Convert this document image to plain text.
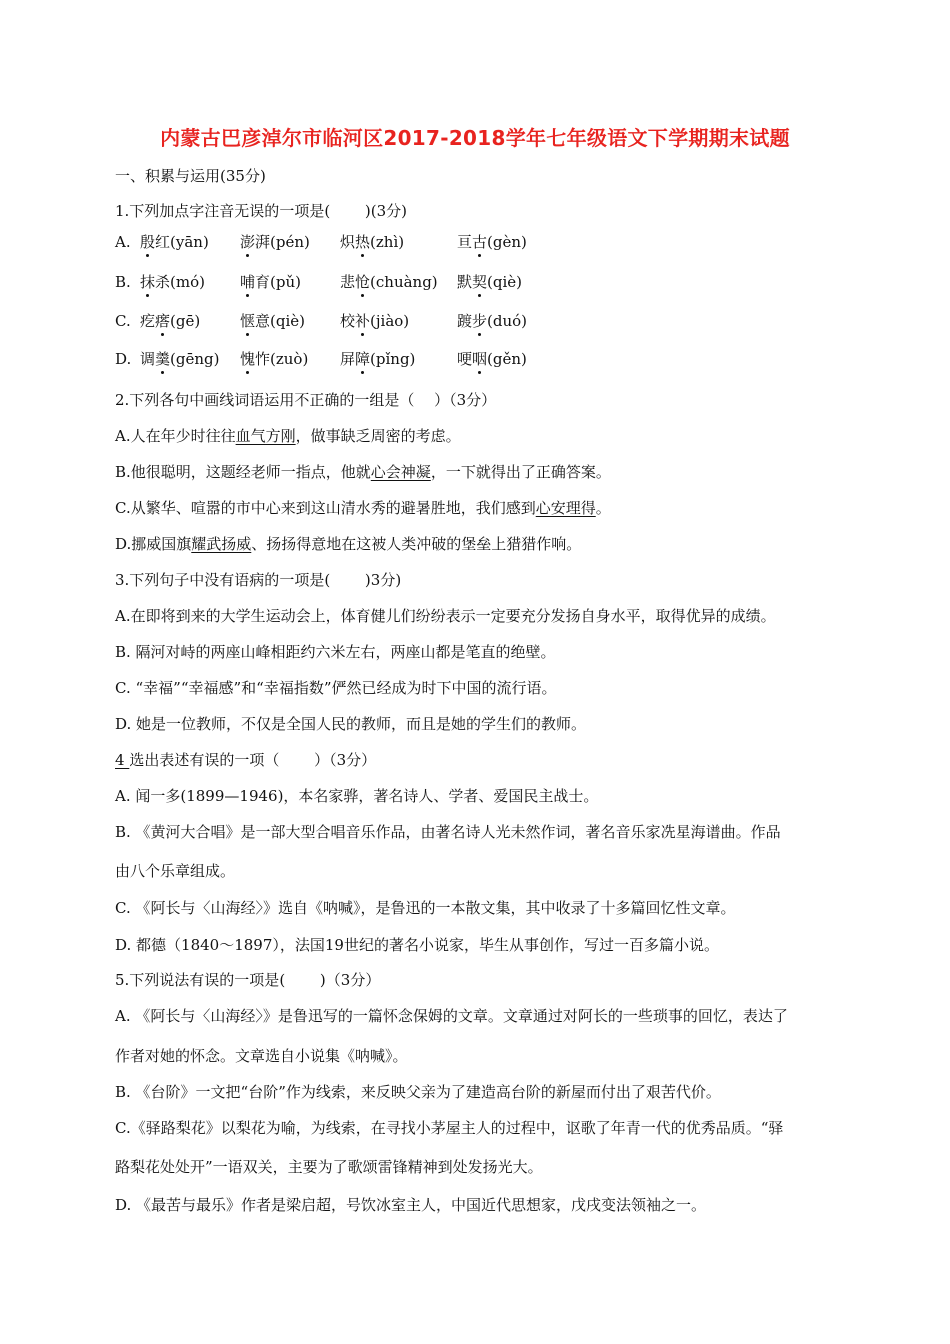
内蒙古巴彦淖尔市临河区2017-2018学年七年级语文下学期期末试题
一、积累与运用(35分)
1.下列加点字注音无误的一项是(　　 )(3分)
A. 殷红(yān) 澎湃(pén) 炽热(zhì)	亘古(gèn)
B. 抹杀(mó) 哺育(pǔ)	悲怆(chuàng) 默契(qiè)
C. 疙瘩(gē)	惬意(qiè) 校补(jiào)	踱步(duó)
D. 调羹(gēng) 愧怍(zuò) 屏障(pǐng)	哽咽(gěn)
2.下列各句中画线词语运用不正确的一组是（　 ）（3分）
A.人在年少时往往血气方刚，做事缺乏周密的考虑。
B.他很聪明，这题经老师一指点，他就心会神凝，一下就得出了正确答案。
C.从繁华、喧嚣的市中心来到这山清水秀的避暑胜地，我们感到心安理得。
D.挪威国旗耀武扬威、扬扬得意地在这被人类冲破的堡垒上猎猎作响。
3.下列句子中没有语病的一项是(　　 )3分)
A.在即将到来的大学生运动会上，体育健儿们纷纷表示一定要充分发扬自身水平，取得优异的成绩。
B. 隔河对峙的两座山峰相距约六米左右，两座山都是笔直的绝壁。
C. “幸福”“幸福感”和“幸福指数”俨然已经成为时下中国的流行语。
D. 她是一位教师，不仅是全国人民的教师，而且是她的学生们的教师。
4 选出表述有误的一项（　　 ）（3分）
A. 闻一多(1899—1946)，本名家骅，著名诗人、学者、爱国民主战士。
B. 《黄河大合唱》是一部大型合唱音乐作品，由著名诗人光未然作词，著名音乐家冼星海谱曲。作品
由八个乐章组成。
C. 《阿长与〈山海经〉》选自《呐喊》，是鲁迅的一本散文集，其中收录了十多篇回忆性文章。
D. 都德（1840～1897），法国19世纪的著名小说家，毕生从事创作，写过一百多篇小说。
5.下列说法有误的一项是(　　 )（3分）
A. 《阿长与〈山海经〉》是鲁迅写的一篇怀念保姆的文章。文章通过对阿长的一些琐事的回忆，表达了
作者对她的怀念。文章选自小说集《呐喊》。
B. 《台阶》一文把“台阶”作为线索，来反映父亲为了建造高台阶的新屋而付出了艰苦代价。
C.《驿路梨花》以梨花为喻，为线索，在寻找小茅屋主人的过程中，讴歌了年青一代的优秀品质。“驿
路梨花处处开”一语双关，主要为了歌颂雷锋精神到处发扬光大。
D. 《最苦与最乐》作者是梁启超，号饮冰室主人，中国近代思想家，戊戌变法领袖之一。
